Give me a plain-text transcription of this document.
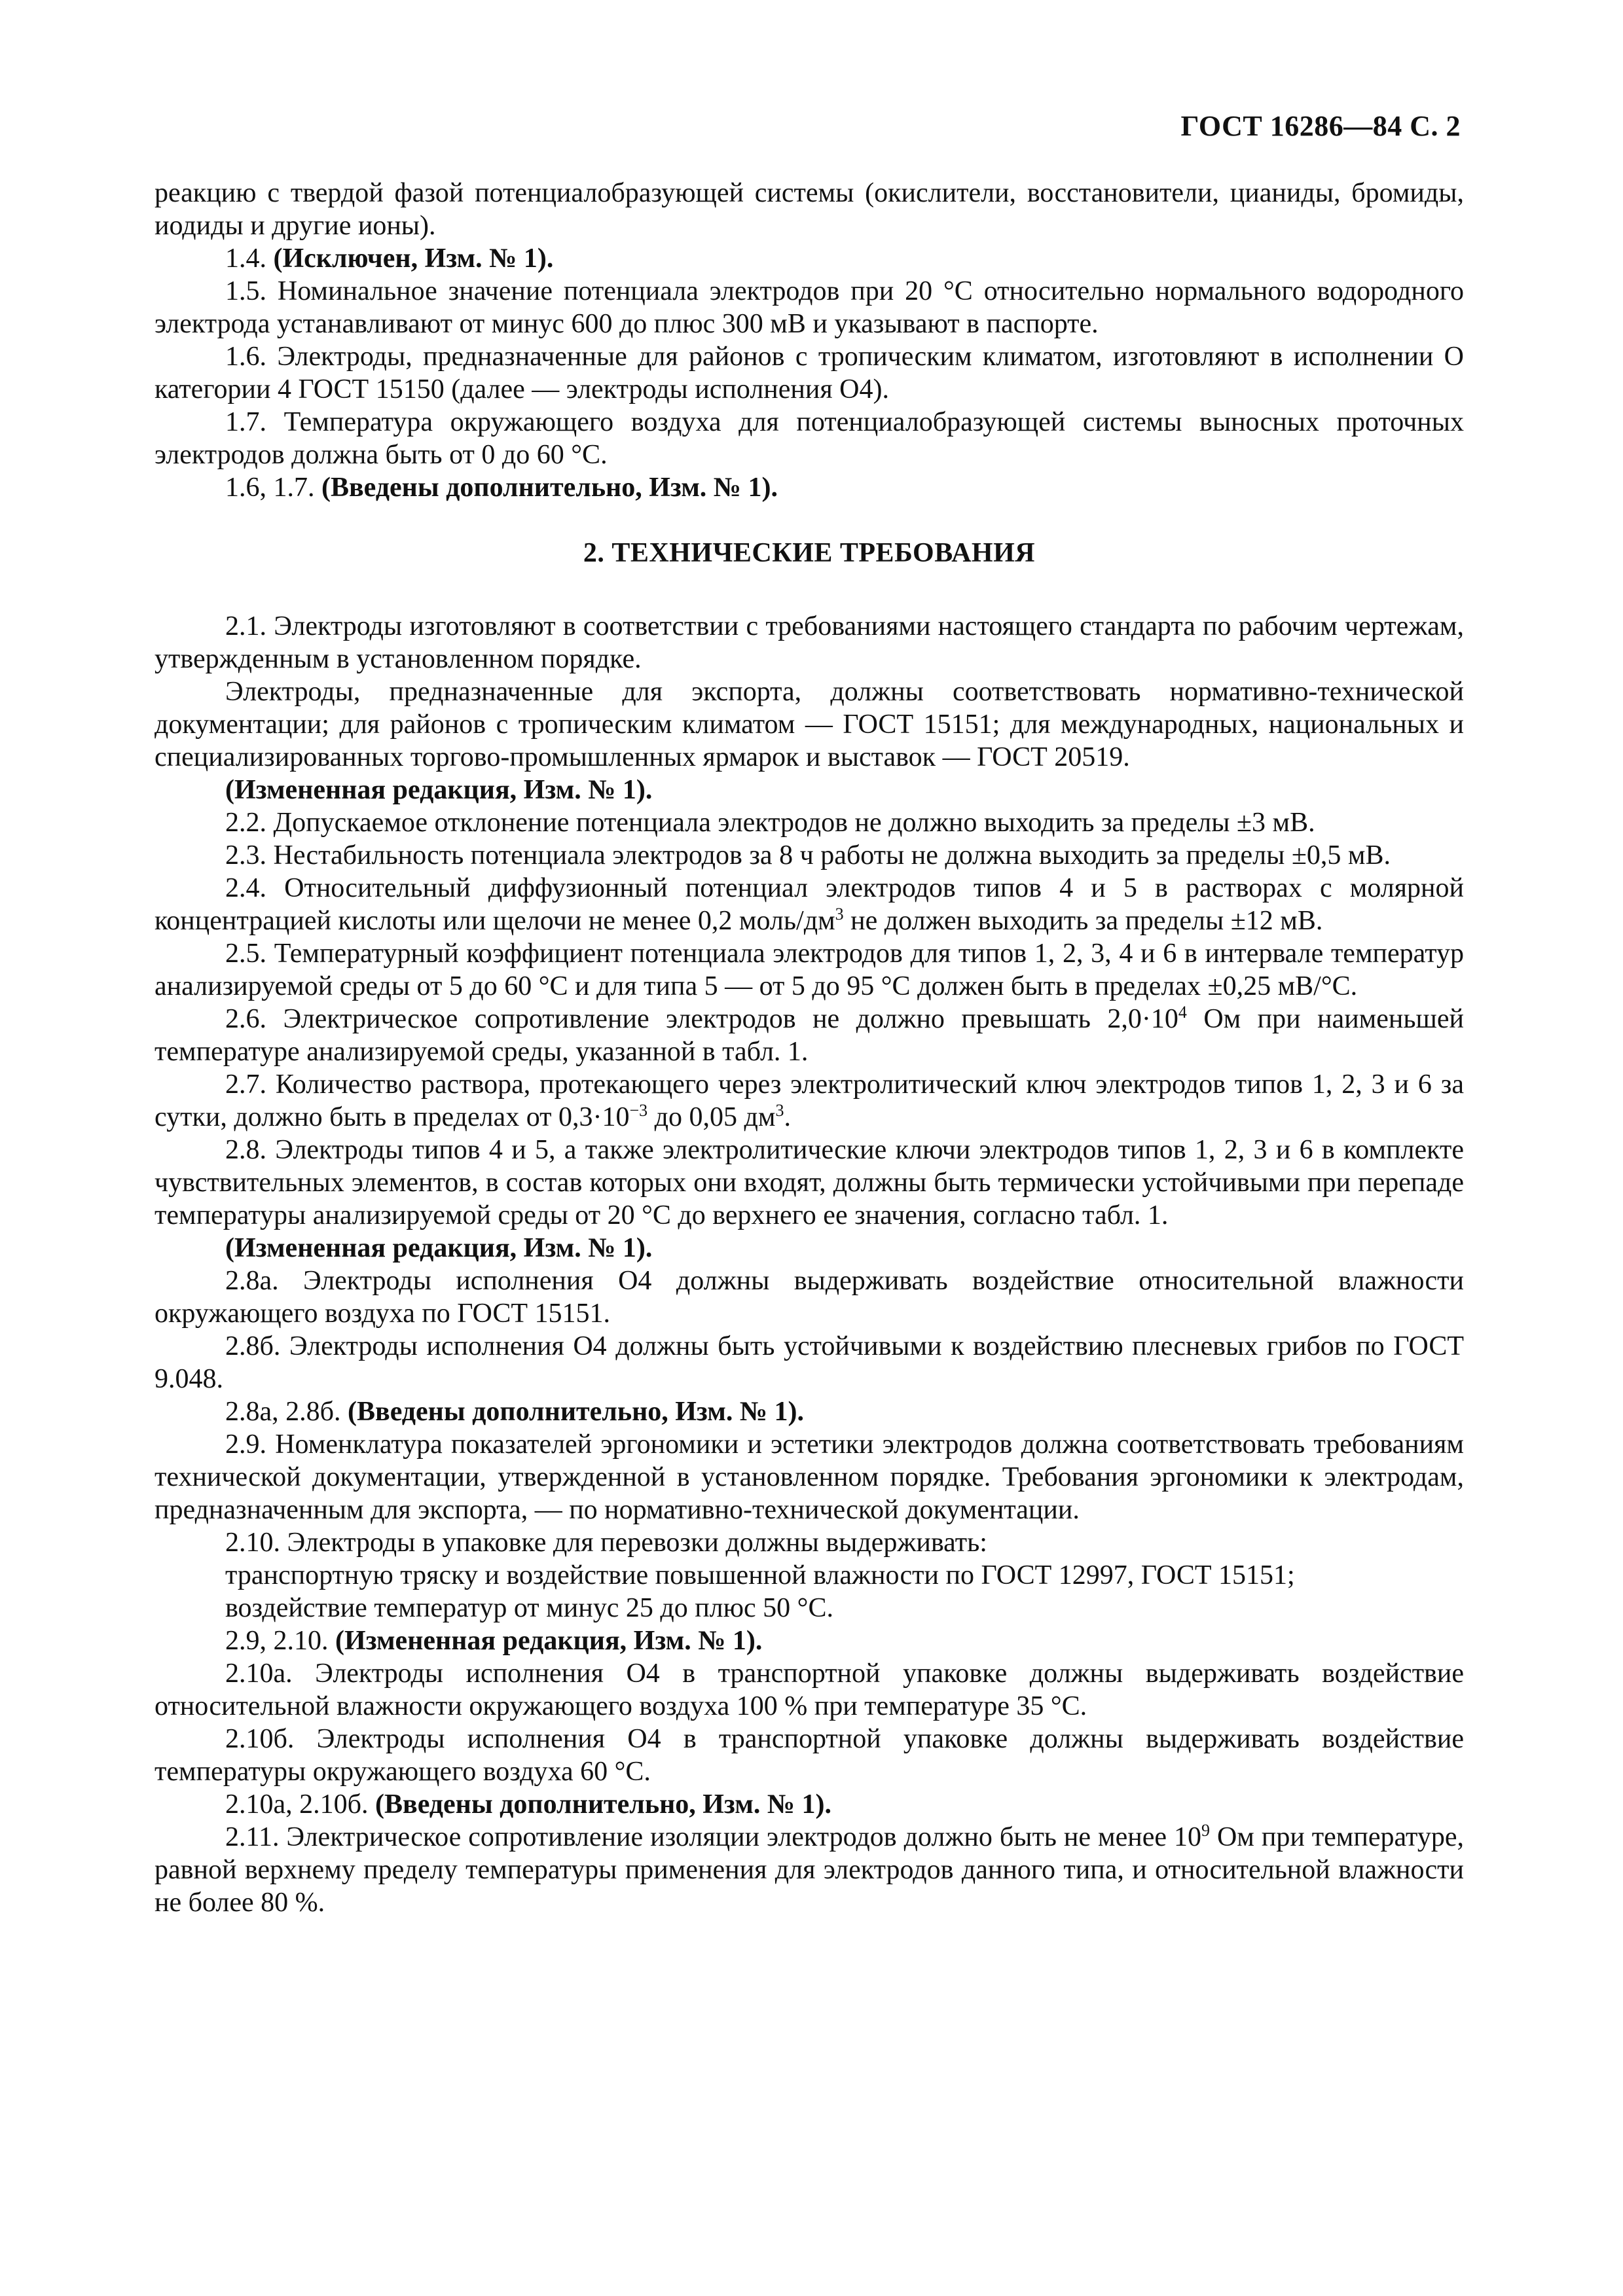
ГОСТ 16286—84 С. 2

реакцию с твердой фазой потенциалобразующей системы (окислители, восстановители, цианиды, бромиды, иодиды и другие ионы).

1.4. (Исключен, Изм. № 1).

1.5. Номинальное значение потенциала электродов при 20 °С относительно нормального водородного электрода устанавливают от минус 600 до плюс 300 мВ и указывают в паспорте.

1.6. Электроды, предназначенные для районов с тропическим климатом, изготовляют в исполнении О категории 4 ГОСТ 15150 (далее — электроды исполнения О4).

1.7. Температура окружающего воздуха для потенциалобразующей системы выносных проточных электродов должна быть от 0 до 60 °С.

1.6, 1.7. (Введены дополнительно, Изм. № 1).

2. ТЕХНИЧЕСКИЕ ТРЕБОВАНИЯ

2.1. Электроды изготовляют в соответствии с требованиями настоящего стандарта по рабочим чертежам, утвержденным в установленном порядке.

Электроды, предназначенные для экспорта, должны соответствовать нормативно-технической документации; для районов с тропическим климатом — ГОСТ 15151; для международных, национальных и специализированных торгово-промышленных ярмарок и выставок — ГОСТ 20519.

(Измененная редакция, Изм. № 1).

2.2. Допускаемое отклонение потенциала электродов не должно выходить за пределы ±3 мВ.

2.3. Нестабильность потенциала электродов за 8 ч работы не должна выходить за пределы ±0,5 мВ.

2.4. Относительный диффузионный потенциал электродов типов 4 и 5 в растворах с молярной концентрацией кислоты или щелочи не менее 0,2 моль/$дм^3$ не должен выходить за пределы ±12 мВ.

2.5. Температурный коэффициент потенциала электродов для типов 1, 2, 3, 4 и 6 в интервале температур анализируемой среды от 5 до 60 °С и для типа 5 — от 5 до 95 °С должен быть в пределах ±0,25 мВ/°С.

2.6. Электрическое сопротивление электродов не должно превышать $2,0\cdot 10^4$ Ом при наименьшей температуре анализируемой среды, указанной в табл. 1.

2.7. Количество раствора, протекающего через электролитический ключ электродов типов 1, 2, 3 и 6 за сутки, должно быть в пределах от $0,3\cdot 10^{-3}$ до 0,05 $дм^3$.

2.8. Электроды типов 4 и 5, а также электролитические ключи электродов типов 1, 2, 3 и 6 в комплекте чувствительных элементов, в состав которых они входят, должны быть термически устойчивыми при перепаде температуры анализируемой среды от 20 °С до верхнего ее значения, согласно табл. 1.

(Измененная редакция, Изм. № 1).

2.8а. Электроды исполнения О4 должны выдерживать воздействие относительной влажности окружающего воздуха по ГОСТ 15151.

2.8б. Электроды исполнения О4 должны быть устойчивыми к воздействию плесневых грибов по ГОСТ 9.048.

2.8а, 2.8б. (Введены дополнительно, Изм. № 1).

2.9. Номенклатура показателей эргономики и эстетики электродов должна соответствовать требованиям технической документации, утвержденной в установленном порядке. Требования эргономики к электродам, предназначенным для экспорта, — по нормативно-технической документации.

2.10. Электроды в упаковке для перевозки должны выдерживать:

транспортную тряску и воздействие повышенной влажности по ГОСТ 12997, ГОСТ 15151;

воздействие температур от минус 25 до плюс 50 °С.

2.9, 2.10. (Измененная редакция, Изм. № 1).

2.10а. Электроды исполнения О4 в транспортной упаковке должны выдерживать воздействие относительной влажности окружающего воздуха 100 % при температуре 35 °С.

2.10б. Электроды исполнения О4 в транспортной упаковке должны выдерживать воздействие температуры окружающего воздуха 60 °С.

2.10а, 2.10б. (Введены дополнительно, Изм. № 1).

2.11. Электрическое сопротивление изоляции электродов должно быть не менее $10^9$ Ом при температуре, равной верхнему пределу температуры применения для электродов данного типа, и относительной влажности не более 80 %.
